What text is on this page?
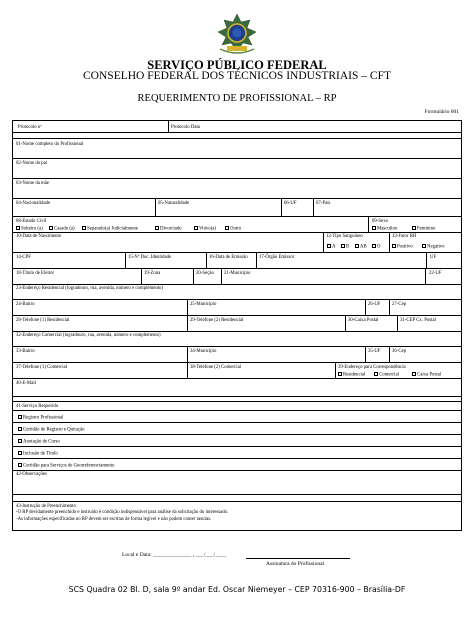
SERVIÇO PÚBLICO FEDERAL
CONSELHO FEDERAL DOS TÉCNICOS INDUSTRIAIS – CFT
REQUERIMENTO DE PROFISSIONAL – RP
Formulário 001
Protocolo nº	Protocolo Data
01-Nome completo do Profissional
02-Nome do pai
03-Nome da mãe
04-Nacionalidade	05-Naturalidade	06-UF	07-País
08-Estado Civil
Solteiro (a)	Casado (a)	Separado(a) Judicialmente	Divorciado	Viúvo(a)	Outro
09-Sexo
Masculino	Feminino
10-Data de Nascimento	12-Tipo Sanguíneo
A	B	AB	O
13-Fator RH
Positivo	Negativo
14-CPF	15-Nº Doc. Identidade	16-Data de Emissão 17-Órgão Emissor	UF
18-Título de Eleitor	19-Zona	20-Seção 21-Município	22-UF
23-Endereço Residencial (logradouro, rua, avenida, número e complemento)
24-Bairro	25-Município	26-UF 27-Cep
28-Telefone (1) Residencial	29-Telefone (2) Residencial	30-Caixa Postal	31-CEP Cx. Postal
32-Endereço Comercial (logradouro, rua, avenida, número e complemento)
33-Bairro	34-Município	35-UF 36-Cep
37-Telefone (1) Comercial	38-Telefone (2) Comercial	39-Endereço para Correspondência
Residencial	Comercial	Caixa Postal
40-E-Mail
41-Serviço Requerido
Registro Profissional
Certidão de Registro e Quitação
Anotação de Curso
Inclusão de Título
Certidão para Serviços de Georreferenciamento
42-Observações
43-Instrução de Preenchimento
-O RP devidamente preenchido e instruído é condição indispensável para análise da solicitação do interessado.
-As informações especificadas no RP devem ser escritas de forma legível e não podem conter rasuras.
Local e Data: ______________ , ___/___/____
Assinatura do Profissional
SCS Quadra 02 Bl. D, sala 9º andar Ed. Oscar Niemeyer – CEP 70316-900 – Brasília-DF
